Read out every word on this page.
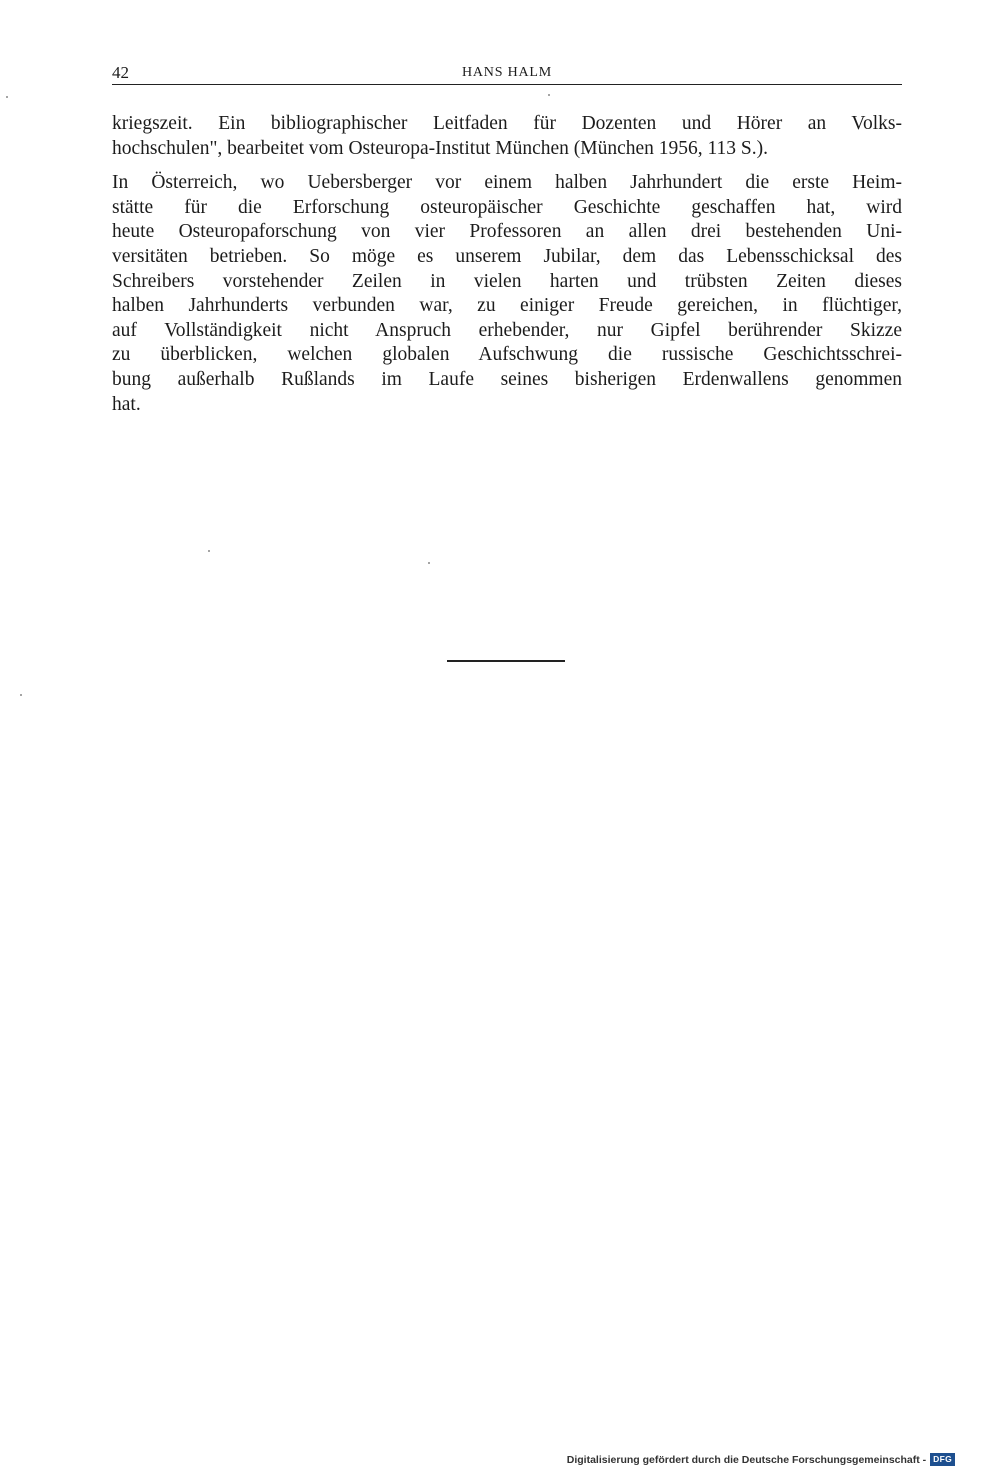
42	HANS HALM

kriegszeit. Ein bibliographischer Leitfaden für Dozenten und Hörer an Volks-
hochschulen", bearbeitet vom Osteuropa-Institut München (München 1956, 113 S.).

In Österreich, wo Uebersberger vor einem halben Jahrhundert die erste Heim-
stätte für die Erforschung osteuropäischer Geschichte geschaffen hat, wird
heute Osteuropaforschung von vier Professoren an allen drei bestehenden Uni-
versitäten betrieben. So möge es unserem Jubilar, dem das Lebensschicksal des
Schreibers vorstehender Zeilen in vielen harten und trübsten Zeiten dieses
halben Jahrhunderts verbunden war, zu einiger Freude gereichen, in flüchtiger,
auf Vollständigkeit nicht Anspruch erhebender, nur Gipfel berührender Skizze
zu überblicken, welchen globalen Aufschwung die russische Geschichtsschrei-
bung außerhalb Rußlands im Laufe seines bisherigen Erdenwallens genommen
hat.

Digitalisierung gefördert durch die Deutsche Forschungsgemeinschaft - DFG
